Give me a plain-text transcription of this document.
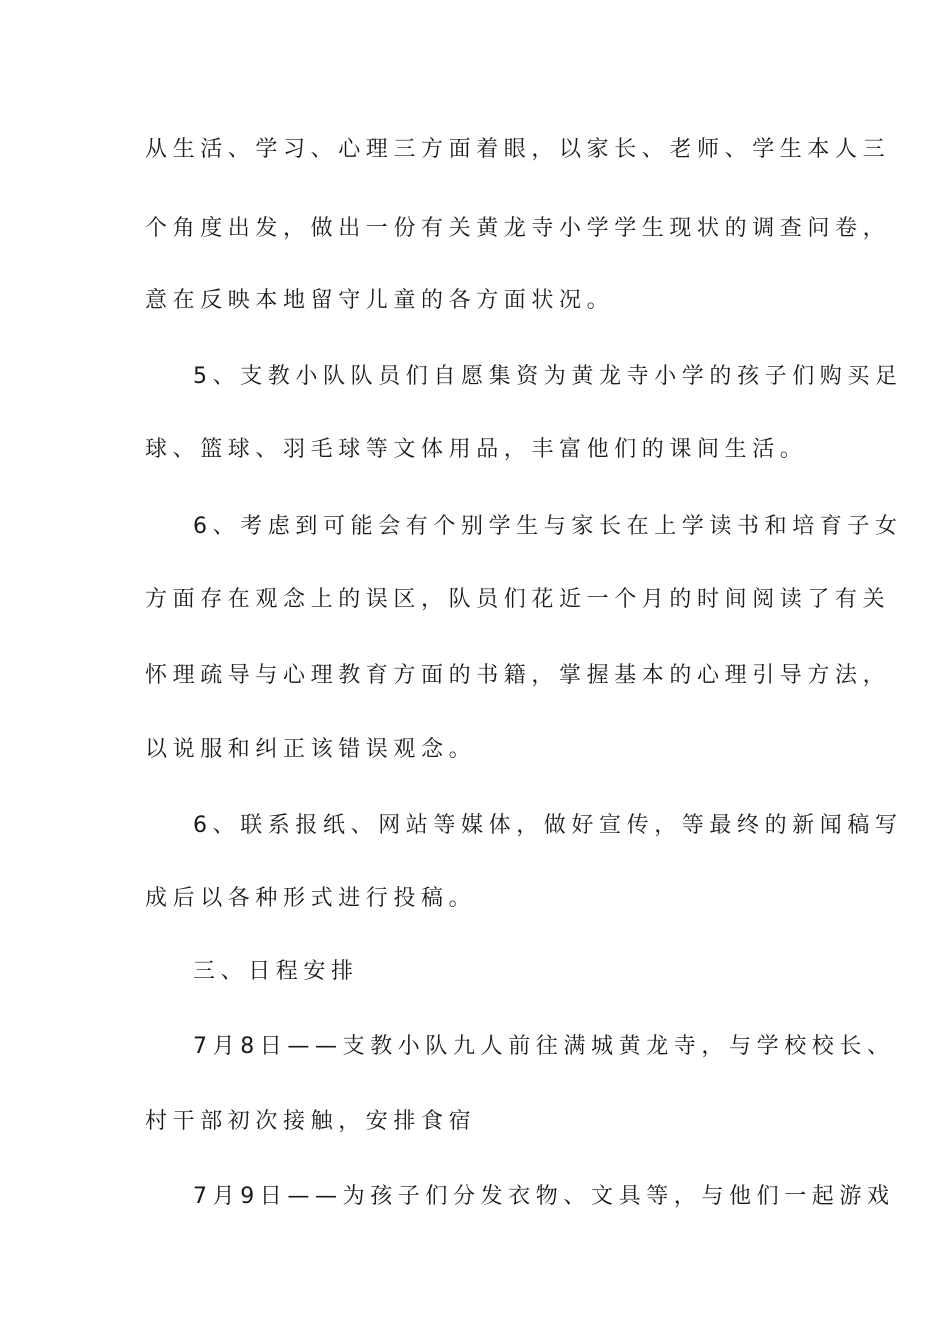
从生活、学习、心理三方面着眼，以家长、老师、学生本人三
个角度出发，做出一份有关黄龙寺小学学生现状的调查问卷，
意在反映本地留守儿童的各方面状况。
5、支教小队队员们自愿集资为黄龙寺小学的孩子们购买足
球、篮球、羽毛球等文体用品，丰富他们的课间生活。
6、考虑到可能会有个别学生与家长在上学读书和培育子女
方面存在观念上的误区，队员们花近一个月的时间阅读了有关
怀理疏导与心理教育方面的书籍，掌握基本的心理引导方法，
以说服和纠正该错误观念。
6、联系报纸、网站等媒体，做好宣传，等最终的新闻稿写
成后以各种形式进行投稿。
三、日程安排
7月8日——支教小队九人前往满城黄龙寺，与学校校长、
村干部初次接触，安排食宿
7月9日——为孩子们分发衣物、文具等，与他们一起游戏
